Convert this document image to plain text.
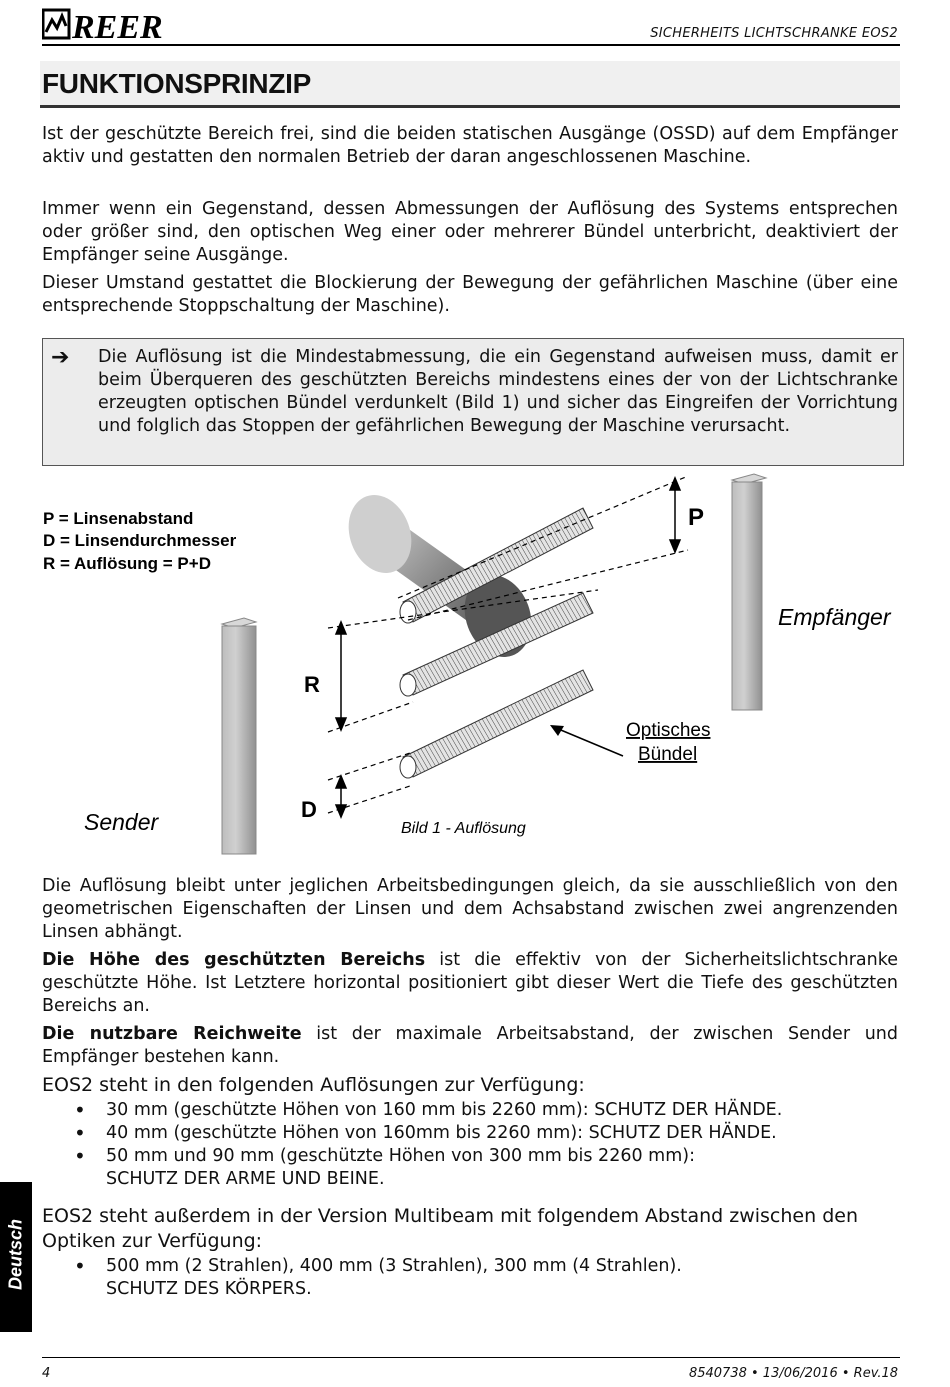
REER	SICHERHEITS LICHTSCHRANKE EOS2
FUNKTIONSPRINZIP
Ist der geschützte Bereich frei, sind die beiden statischen Ausgänge (OSSD) auf dem Empfänger aktiv und gestatten den normalen Betrieb der daran angeschlossenen Maschine.
Immer wenn ein Gegenstand, dessen Abmessungen der Auflösung des Systems entsprechen oder größer sind, den optischen Weg einer oder mehrerer Bündel unterbricht, deaktiviert der Empfänger seine Ausgänge.
Dieser Umstand gestattet die Blockierung der Bewegung der gefährlichen Maschine (über eine entsprechende Stoppschaltung der Maschine).
➔ Die Auflösung ist die Mindestabmessung, die ein Gegenstand aufweisen muss, damit er beim Überqueren des geschützten Bereichs mindestens eines der von der Lichtschranke erzeugten optischen Bündel verdunkelt (Bild 1) und sicher das Eingreifen der Vorrichtung und folglich das Stoppen der gefährlichen Bewegung der Maschine verursacht.
P = Linsenabstand
D = Linsendurchmesser
R = Auflösung = P+D
P
R
D
Empfänger
Sender
Optisches
Bündel
Bild 1 - Auflösung
Die Auflösung bleibt unter jeglichen Arbeitsbedingungen gleich, da sie ausschließlich von den geometrischen Eigenschaften der Linsen und dem Achsabstand zwischen zwei angrenzenden Linsen abhängt.
Die Höhe des geschützten Bereichs ist die effektiv von der Sicherheitslichtschranke geschützte Höhe. Ist Letztere horizontal positioniert gibt dieser Wert die Tiefe des geschützten Bereichs an.
Die nutzbare Reichweite ist der maximale Arbeitsabstand, der zwischen Sender und Empfänger bestehen kann.
EOS2 steht in den folgenden Auflösungen zur Verfügung:
• 30 mm (geschützte Höhen von 160 mm bis 2260 mm): SCHUTZ DER HÄNDE.
• 40 mm (geschützte Höhen von 160mm bis 2260 mm): SCHUTZ DER HÄNDE.
• 50 mm und 90 mm (geschützte Höhen von 300 mm bis 2260 mm):
SCHUTZ DER ARME UND BEINE.
EOS2 steht außerdem in der Version Multibeam mit folgendem Abstand zwischen den Optiken zur Verfügung:
• 500 mm (2 Strahlen), 400 mm (3 Strahlen), 300 mm (4 Strahlen).
SCHUTZ DES KÖRPERS.
Deutsch
4	8540738 • 13/06/2016 • Rev.18
